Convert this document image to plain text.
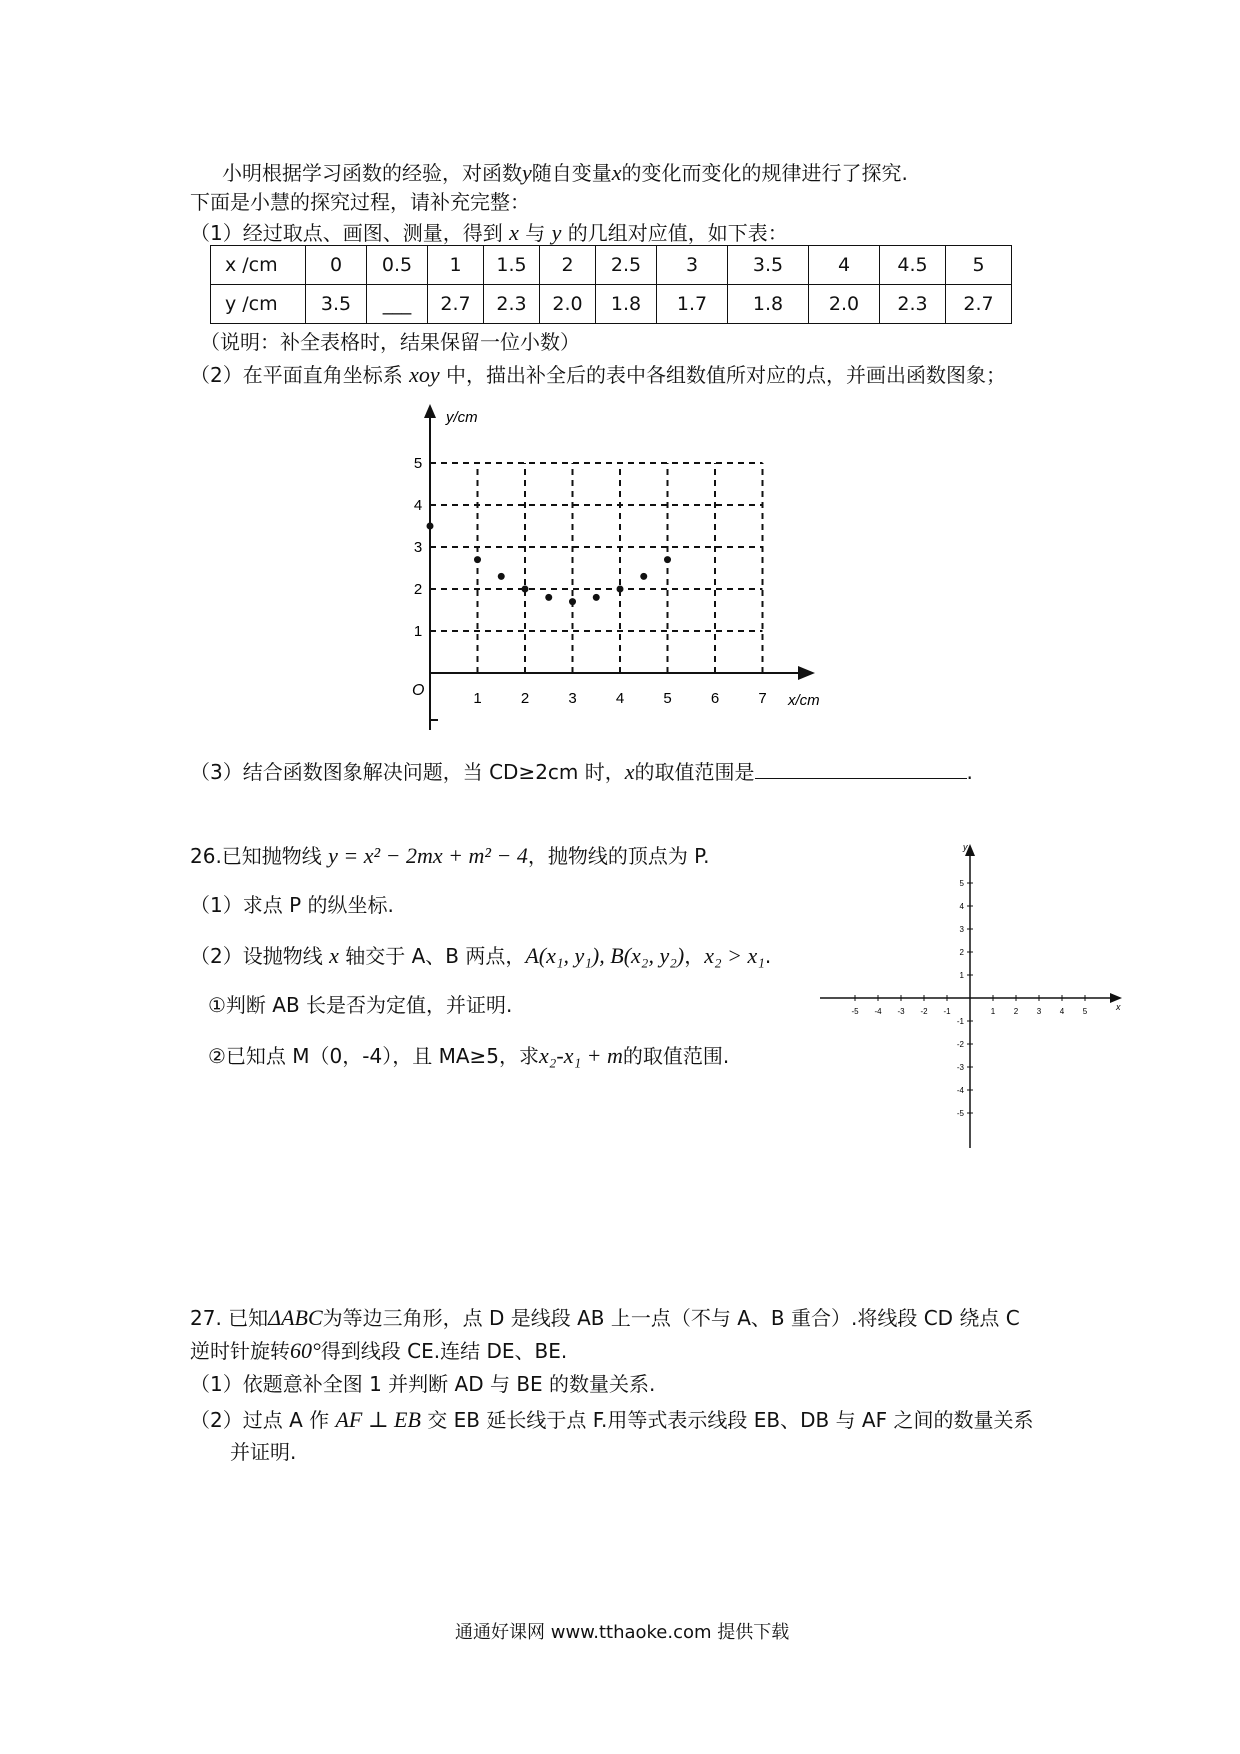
小明根据学习函数的经验，对函数y随自变量x的变化而变化的规律进行了探究.
下面是小慧的探究过程，请补充完整：
（1）经过取点、画图、测量，得到 x 与 y 的几组对应值，如下表：
x /cm	0	0.5	1	1.5	2	2.5	3	3.5	4	4.5	5
y /cm	3.5	___	2.7	2.3	2.0	1.8	1.7	1.8	2.0	2.3	2.7
（说明：补全表格时，结果保留一位小数）
（2）在平面直角坐标系 xoy 中，描出补全后的表中各组数值所对应的点，并画出函数图象；
y/cm
x/cm
O	1	2	3	4	5	6	7
1
2
3
4
5
（3）结合函数图象解决问题，当 CD≥2cm 时，x的取值范围是	.
26.已知抛物线 y = x² − 2mx + m² − 4，抛物线的顶点为 P.
（1）求点 P 的纵坐标.
（2）设抛物线 x 轴交于 A、B 两点，A(x₁, y₁), B(x₂, y₂)，x₂ > x₁.
①判断 AB 长是否为定值，并证明.
②已知点 M（0，-4），且 MA≥5，求x₂-x₁ + m的取值范围.
y
x
-5 -4 -3 -2 -1	1 2 3 4 5
5
4
3
2
1
-1
-2
-3
-4
-5
27. 已知ΔABC为等边三角形，点 D 是线段 AB 上一点（不与 A、B 重合）.将线段 CD 绕点 C
逆时针旋转60°得到线段 CE.连结 DE、BE.
（1）依题意补全图 1 并判断 AD 与 BE 的数量关系.
（2）过点 A 作 AF ⊥ EB 交 EB 延长线于点 F.用等式表示线段 EB、DB 与 AF 之间的数量关系
并证明.
通通好课网 www.tthaoke.com 提供下载
